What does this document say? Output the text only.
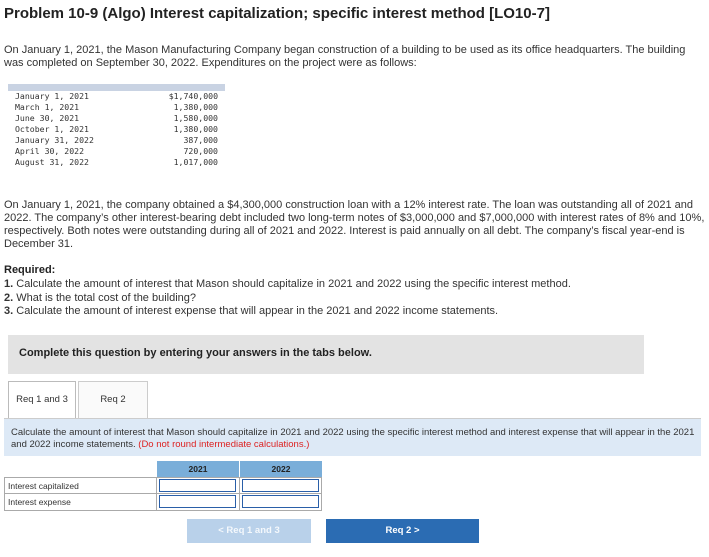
Problem 10-9 (Algo) Interest capitalization; specific interest method [LO10-7]
On January 1, 2021, the Mason Manufacturing Company began construction of a building to be used as its office headquarters. The building was completed on September 30, 2022. Expenditures on the project were as follows:
January 1, 2021	$1,740,000
March 1, 2021	1,380,000
June 30, 2021	1,580,000
October 1, 2021	1,380,000
January 31, 2022	387,000
April 30, 2022	720,000
August 31, 2022	1,017,000
On January 1, 2021, the company obtained a $4,300,000 construction loan with a 12% interest rate. The loan was outstanding all of 2021 and 2022. The company’s other interest-bearing debt included two long-term notes of $3,000,000 and $7,000,000 with interest rates of 8% and 10%, respectively. Both notes were outstanding during all of 2021 and 2022. Interest is paid annually on all debt. The company’s fiscal year-end is December 31.
Required:
1. Calculate the amount of interest that Mason should capitalize in 2021 and 2022 using the specific interest method.
2. What is the total cost of the building?
3. Calculate the amount of interest expense that will appear in the 2021 and 2022 income statements.
Complete this question by entering your answers in the tabs below.
Req 1 and 3	Req 2
Calculate the amount of interest that Mason should capitalize in 2021 and 2022 using the specific interest method and interest expense that will appear in the 2021 and 2022 income statements. (Do not round intermediate calculations.)
2021	2022
Interest capitalized
Interest expense
< Req 1 and 3	Req 2 >
